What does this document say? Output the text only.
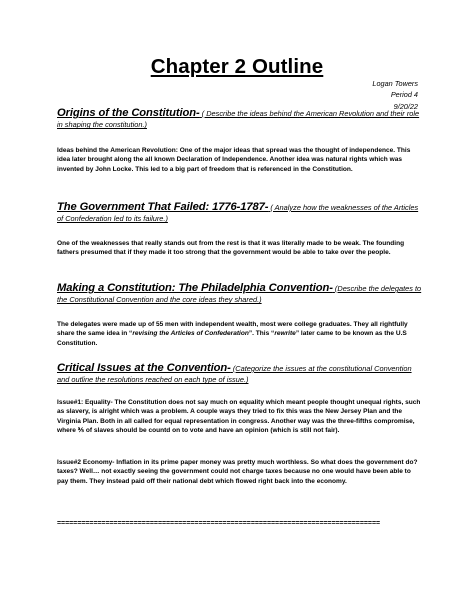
Chapter 2 Outline
Logan Towers
Period 4
9/20/22
Origins of the Constitution- ( Describe the ideas behind the American Revolution and their role in shaping the constitution.)
Ideas behind the American Revolution: One of the major ideas that spread was the thought of independence. This idea later brought along the all known Declaration of Independence. Another idea was natural rights which was invented by John Locke. This led to a big part of freedom that is referenced in the Constitution.
The Government That Failed: 1776-1787- ( Analyze how the weaknesses of the Articles of Confederation led to its failure.)
One of the weaknesses that really stands out from the rest is that it was literally made to be weak. The founding fathers presumed that if they made it too strong that the government would be able to take over the people.
Making a Constitution: The Philadelphia Convention- (Describe the delegates to the Constitutional Convention and the core ideas they shared.)
The delegates were made up of 55 men with independent wealth, most were college graduates. They all rightfully share the same idea in “revising the Articles of Confederation”. This “rewrite” later came to be known as the U.S Constitution.
Critical Issues at the Convention- (Categorize the issues at the constitutional Convention and outline the resolutions reached on each type of issue.)
Issue#1: Equality- The Constitution does not say much on equality which meant people thought unequal rights, such as slavery, is alright which was a problem. A couple ways they tried to fix this was the New Jersey Plan and the Virginia Plan. Both in all called for equal representation in congress. Another way was the three-fifths compromise, where ⅗ of slaves should be countd on to vote and have an opinion (which is still not fair).
Issue#2 Economy- Inflation in its prime paper money was pretty much worthless. So what does the government do? taxes? Well… not exactly seeing the government could not charge taxes because no one would have been able to pay them. They instead paid off their national debt which flowed right back into the economy.
================================================================================
